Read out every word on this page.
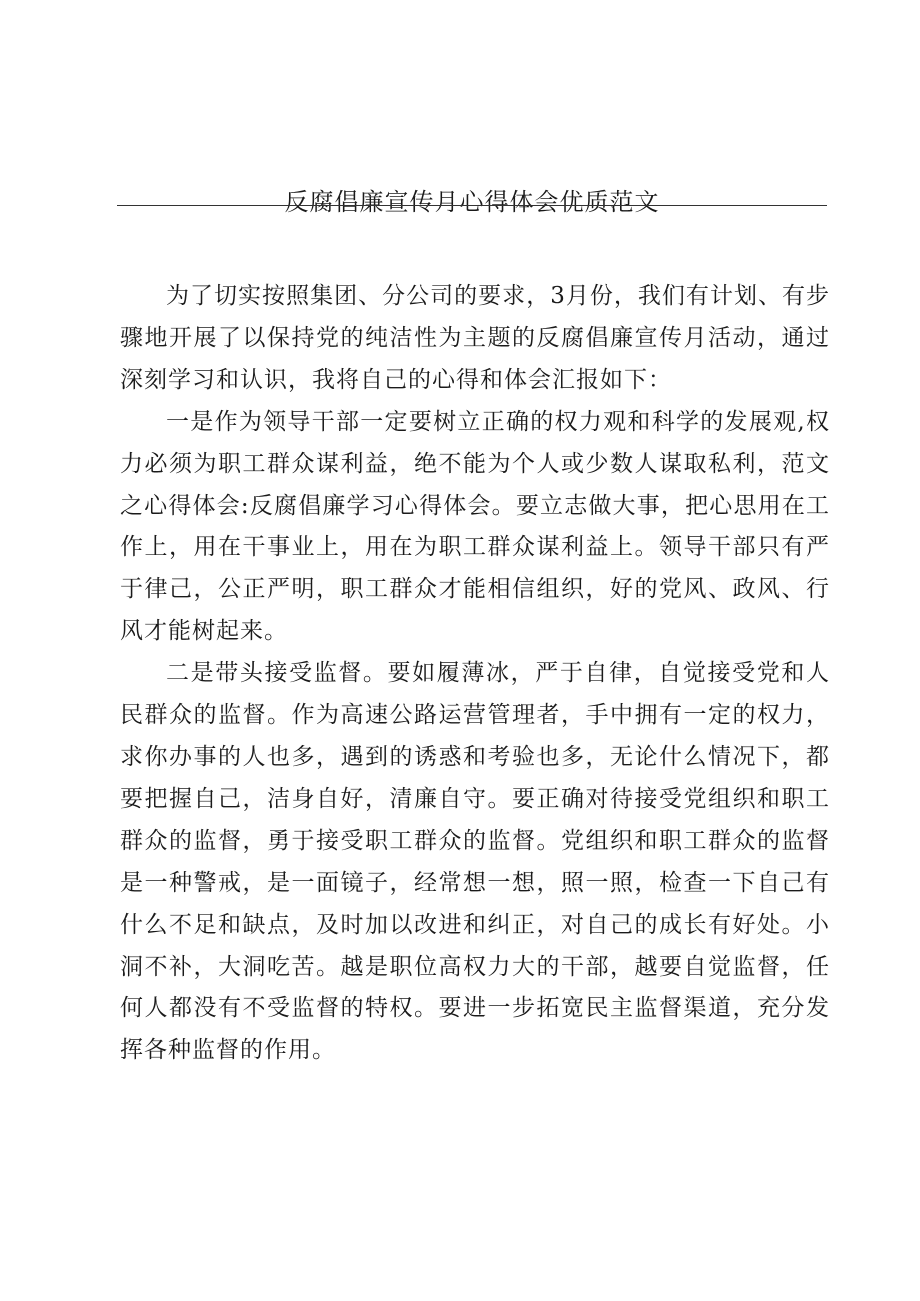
反腐倡廉宣传月心得体会优质范文

为了切实按照集团、分公司的要求，3月份，我们有计划、有步骤地开展了以保持党的纯洁性为主题的反腐倡廉宣传月活动，通过深刻学习和认识，我将自己的心得和体会汇报如下：

一是作为领导干部一定要树立正确的权力观和科学的发展观,权力必须为职工群众谋利益，绝不能为个人或少数人谋取私利，范文之心得体会:反腐倡廉学习心得体会。要立志做大事，把心思用在工作上，用在干事业上，用在为职工群众谋利益上。领导干部只有严于律己，公正严明，职工群众才能相信组织，好的党风、政风、行风才能树起来。

二是带头接受监督。要如履薄冰，严于自律，自觉接受党和人民群众的监督。作为高速公路运营管理者，手中拥有一定的权力，求你办事的人也多，遇到的诱惑和考验也多，无论什么情况下，都要把握自己，洁身自好，清廉自守。要正确对待接受党组织和职工群众的监督，勇于接受职工群众的监督。党组织和职工群众的监督是一种警戒，是一面镜子，经常想一想，照一照，检查一下自己有什么不足和缺点，及时加以改进和纠正，对自己的成长有好处。小洞不补，大洞吃苦。越是职位高权力大的干部，越要自觉监督，任何人都没有不受监督的特权。要进一步拓宽民主监督渠道，充分发挥各种监督的作用。
